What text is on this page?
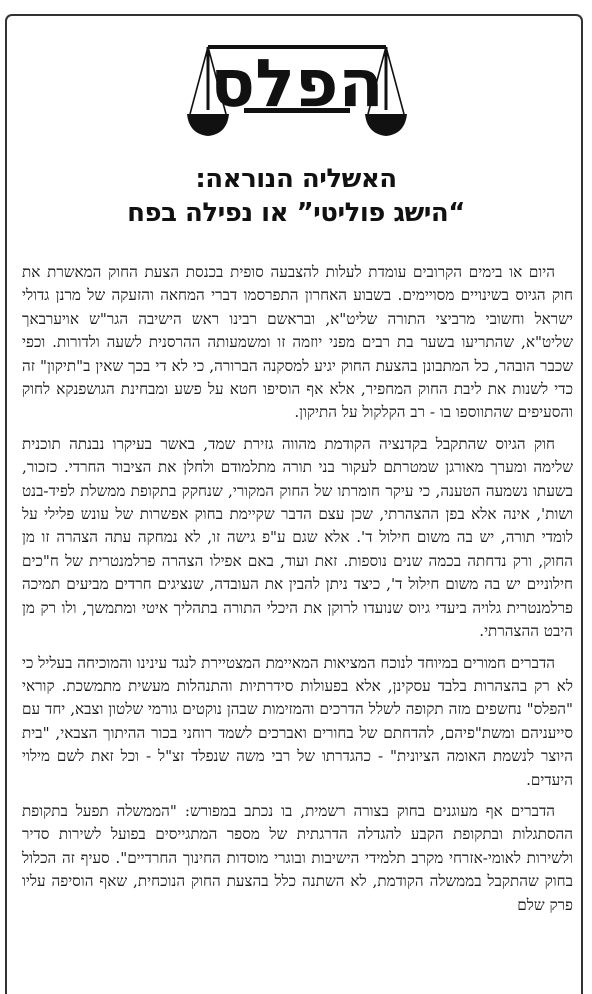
הפלס
האשליה הנוראה:
“הישג פוליטי” או נפילה בפח

היום או בימים הקרובים עומדת לעלות להצבעה סופית בכנסת הצעת החוק המאשרת את חוק הגיוס בשינויים מסויימים. בשבוע האחרון התפרסמו דברי המחאה והזעקה של מרנן גדולי ישראל וחשובי מרביצי התורה שליט"א, ובראשם רבינו ראש הישיבה הגר"ש אויערבאך שליט"א, שהתריעו בשער בת רבים מפני יוזמה זו ומשמעותה ההרסנית לשעה ולדורות. וכפי שכבר הובהר, כל המתבונן בהצעת החוק יגיע למסקנה הברורה, כי לא די בכך שאין ב"תיקון" זה כדי לשנות את ליבת החוק המחפיר, אלא אף הוסיפו חטא על פשע ומבחינת הגושפנקא לחוק והסעיפים שהתווספו בו - רב הקלקול על התיקון.

חוק הגיוס שהתקבל בקדנציה הקודמת מהווה גזירת שמד, באשר בעיקרו נבנתה תוכנית שלימה ומערך מאורגן שמטרתם לעקור בני תורה מתלמודם ולחלן את הציבור החרדי. כזכור, בשעתו נשמעה הטענה, כי עיקר חומרתו של החוק המקורי, שנחקק בתקופת ממשלת לפיד-בנט ושות', אינה אלא בפן ההצהרתי, שכן עצם הדבר שקיימת בחוק אפשרות של עונש פלילי על לומדי תורה, יש בה משום חילול ד'. אלא שגם ע"פ גישה זו, לא נמחקה עתה הצהרה זו מן החוק, ורק נדחתה בכמה שנים נוספות. זאת ועוד, באם אפילו הצהרה פרלמנטרית של ח"כים חילוניים יש בה משום חילול ד', כיצד ניתן להבין את העובדה, שנציגים חרדים מביעים תמיכה פרלמנטרית גלויה ביעדי גיוס שנועדו לרוקן את היכלי התורה בתהליך איטי ומתמשך, ולו רק מן היבט ההצהרתי.

הדברים חמורים במיוחד לנוכח המציאות המאיימת המצטיירת לנגד עינינו והמוכיחה בעליל כי לא רק בהצהרות בלבד עסקינן, אלא בפעולות סידרתיות והתנהלות מעשית מתמשכת. קוראי "הפלס" נחשפים מזה תקופה לשלל הדרכים והמזימות שבהן נוקטים גורמי שלטון וצבא, יחד עם סייעניהם ומשת"פיהם, להדחתם של בחורים ואברכים לשמד רוחני בכור ההיתוך הצבאי, "בית היוצר לנשמת האומה הציונית" - כהגדרתו של רבי משה שנפלד זצ"ל - וכל זאת לשם מילוי היעדים.

הדברים אף מעוגנים בחוק בצורה רשמית, בו נכתב במפורש: "הממשלה תפעל בתקופת ההסתגלות ובתקופת הקבע להגדלה הדרגתית של מספר המתגייסים בפועל לשירות סדיר ולשירות לאומי-אזרחי מקרב תלמידי הישיבות ובוגרי מוסדות החינוך החרדיים". סעיף זה הכלול בחוק שהתקבל בממשלה הקודמת, לא השתנה כלל בהצעת החוק הנוכחית, שאף הוסיפה עליו פרק שלם
